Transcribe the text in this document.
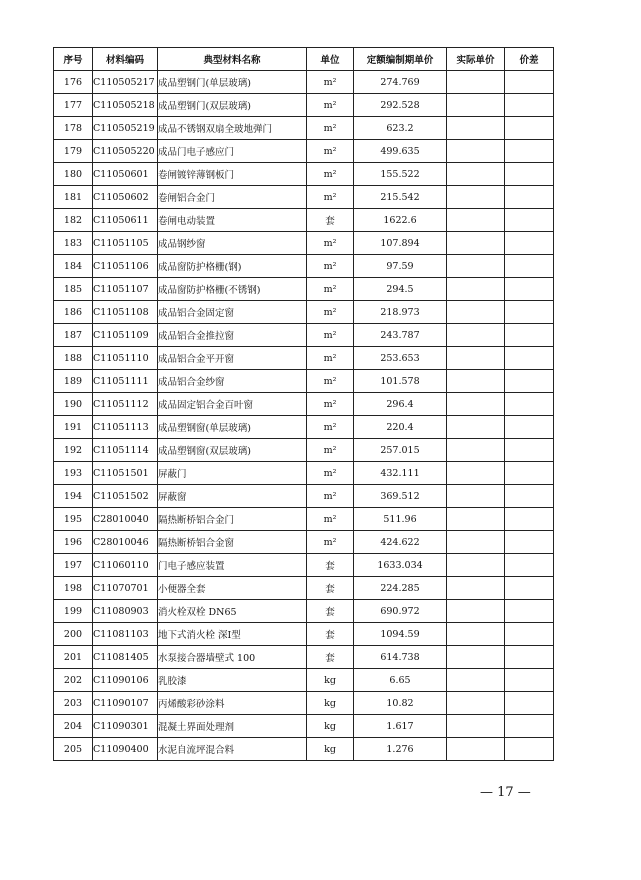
序号	材料编码	典型材料名称	单位	定额编制期单价	实际单价	价差
176	C110505217	成品塑钢门(单层玻璃)	m²	274.769		
177	C110505218	成品塑钢门(双层玻璃)	m²	292.528		
178	C110505219	成品不锈钢双扇全玻地弹门	m²	623.2		
179	C110505220	成品门电子感应门	m²	499.635		
180	C11050601	卷闸镀锌薄钢板门	m²	155.522		
181	C11050602	卷闸铝合金门	m²	215.542		
182	C11050611	卷闸电动装置	套	1622.6		
183	C11051105	成品钢纱窗	m²	107.894		
184	C11051106	成品窗防护格栅(钢)	m²	97.59		
185	C11051107	成品窗防护格栅(不锈钢)	m²	294.5		
186	C11051108	成品铝合金固定窗	m²	218.973		
187	C11051109	成品铝合金推拉窗	m²	243.787		
188	C11051110	成品铝合金平开窗	m²	253.653		
189	C11051111	成品铝合金纱窗	m²	101.578		
190	C11051112	成品固定铝合金百叶窗	m²	296.4		
191	C11051113	成品塑钢窗(单层玻璃)	m²	220.4		
192	C11051114	成品塑钢窗(双层玻璃)	m²	257.015		
193	C11051501	屏蔽门	m²	432.111		
194	C11051502	屏蔽窗	m²	369.512		
195	C28010040	隔热断桥铝合金门	m²	511.96		
196	C28010046	隔热断桥铝合金窗	m²	424.622		
197	C11060110	门电子感应装置	套	1633.034		
198	C11070701	小便器全套	套	224.285		
199	C11080903	消火栓双栓 DN65	套	690.972		
200	C11081103	地下式消火栓 深Ⅰ型	套	1094.59		
201	C11081405	水泵接合器墙壁式 100	套	614.738		
202	C11090106	乳胶漆	kg	6.65		
203	C11090107	丙烯酸彩砂涂料	kg	10.82		
204	C11090301	混凝土界面处理剂	kg	1.617		
205	C11090400	水泥自流坪混合料	kg	1.276		
— 17 —
